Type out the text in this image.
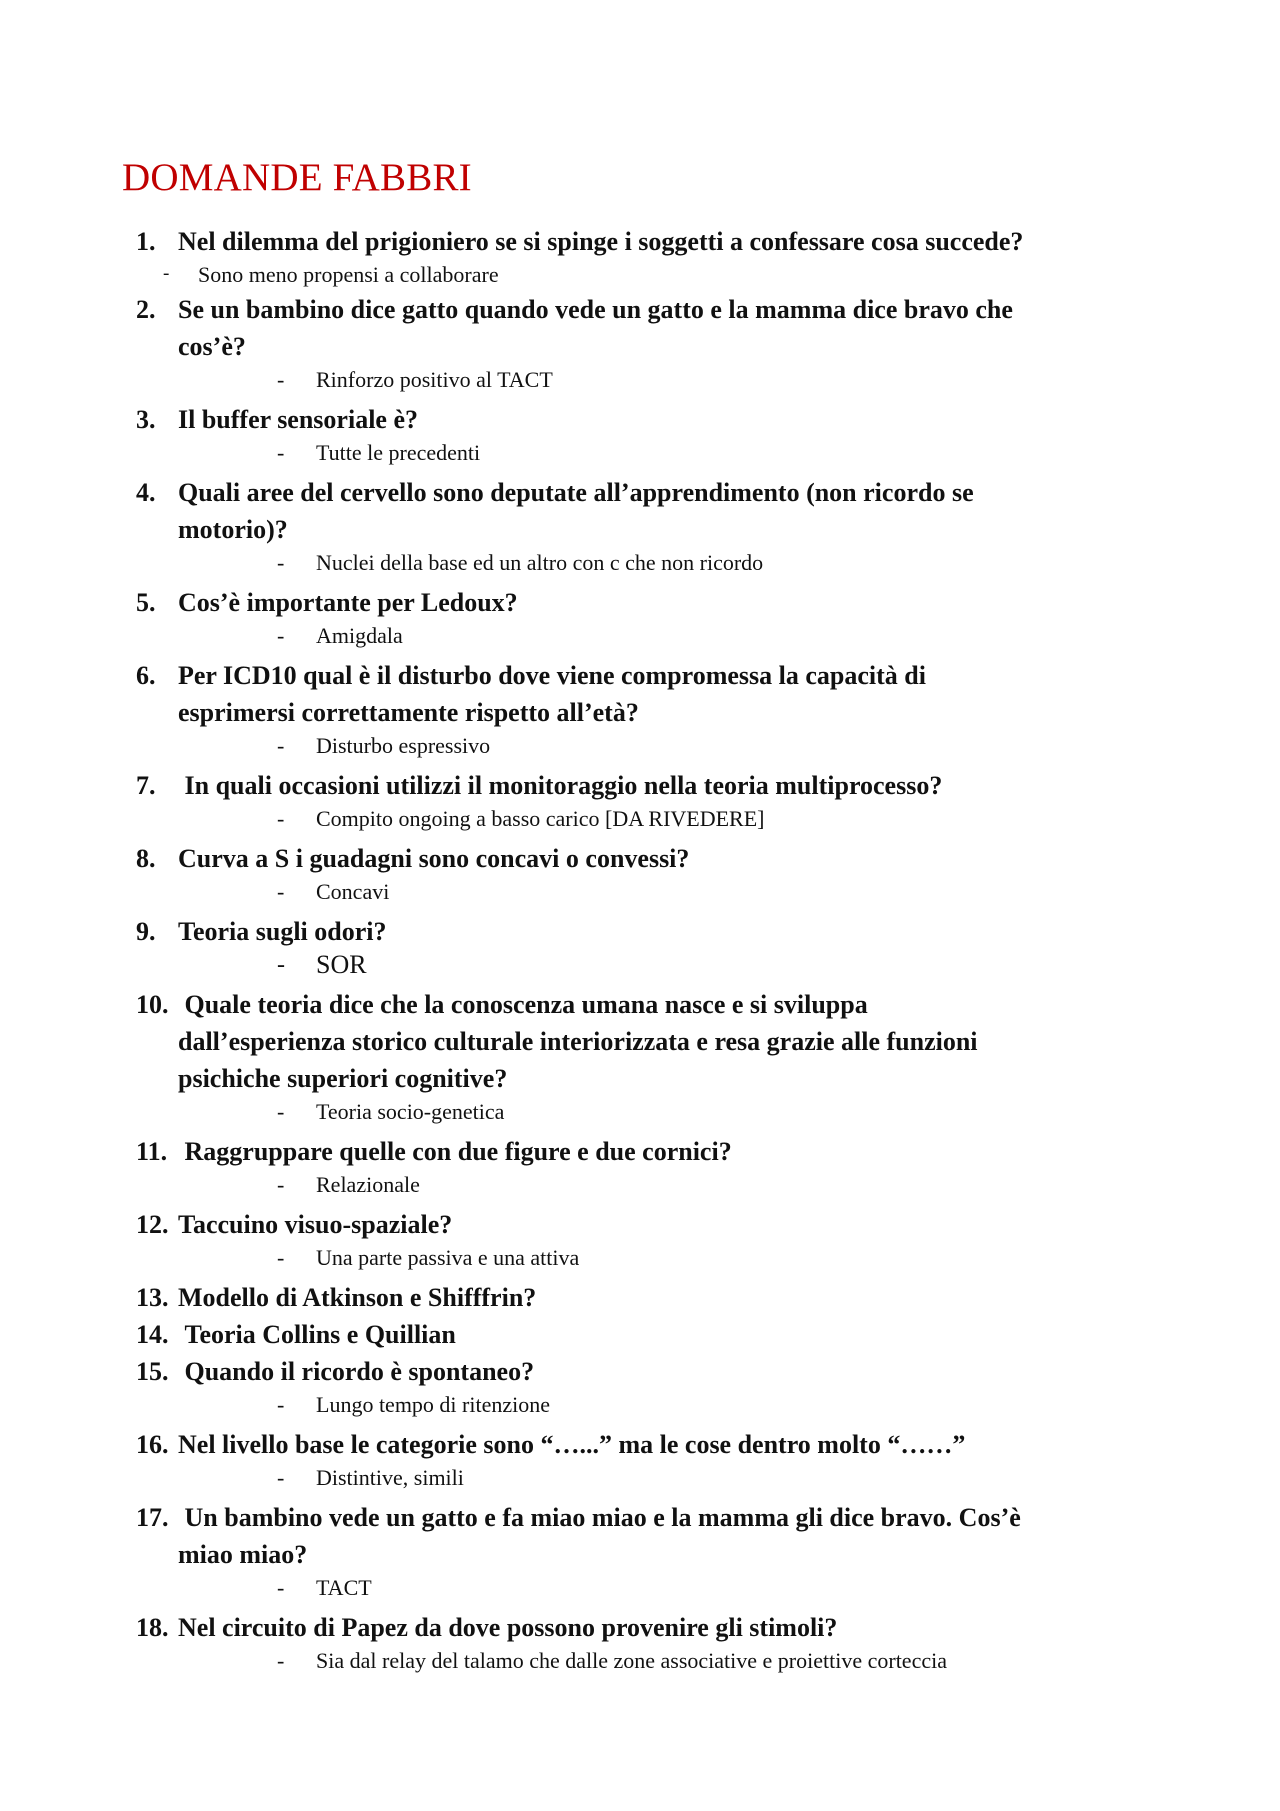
DOMANDE FABBRI
1. Nel dilemma del prigioniero se si spinge i soggetti a confessare cosa succede?
- Sono meno propensi a collaborare
2. Se un bambino dice gatto quando vede un gatto e la mamma dice bravo che
cos’è?
- Rinforzo positivo al TACT
3. Il buffer sensoriale è?
- Tutte le precedenti
4. Quali aree del cervello sono deputate all’apprendimento (non ricordo se
motorio)?
- Nuclei della base ed un altro con c che non ricordo
5. Cos’è importante per Ledoux?
- Amigdala
6. Per ICD10 qual è il disturbo dove viene compromessa la capacità di
esprimersi correttamente rispetto all’età?
- Disturbo espressivo
7. In quali occasioni utilizzi il monitoraggio nella teoria multiprocesso?
- Compito ongoing a basso carico [DA RIVEDERE]
8. Curva a S i guadagni sono concavi o convessi?
- Concavi
9. Teoria sugli odori?
- SOR
10. Quale teoria dice che la conoscenza umana nasce e si sviluppa
dall’esperienza storico culturale interiorizzata e resa grazie alle funzioni
psichiche superiori cognitive?
- Teoria socio-genetica
11. Raggruppare quelle con due figure e due cornici?
- Relazionale
12. Taccuino visuo-spaziale?
- Una parte passiva e una attiva
13. Modello di Atkinson e Shifffrin?
14. Teoria Collins e Quillian
15. Quando il ricordo è spontaneo?
- Lungo tempo di ritenzione
16. Nel livello base le categorie sono “…...” ma le cose dentro molto “……”
- Distintive, simili
17. Un bambino vede un gatto e fa miao miao e la mamma gli dice bravo. Cos’è
miao miao?
- TACT
18. Nel circuito di Papez da dove possono provenire gli stimoli?
- Sia dal relay del talamo che dalle zone associative e proiettive corteccia
